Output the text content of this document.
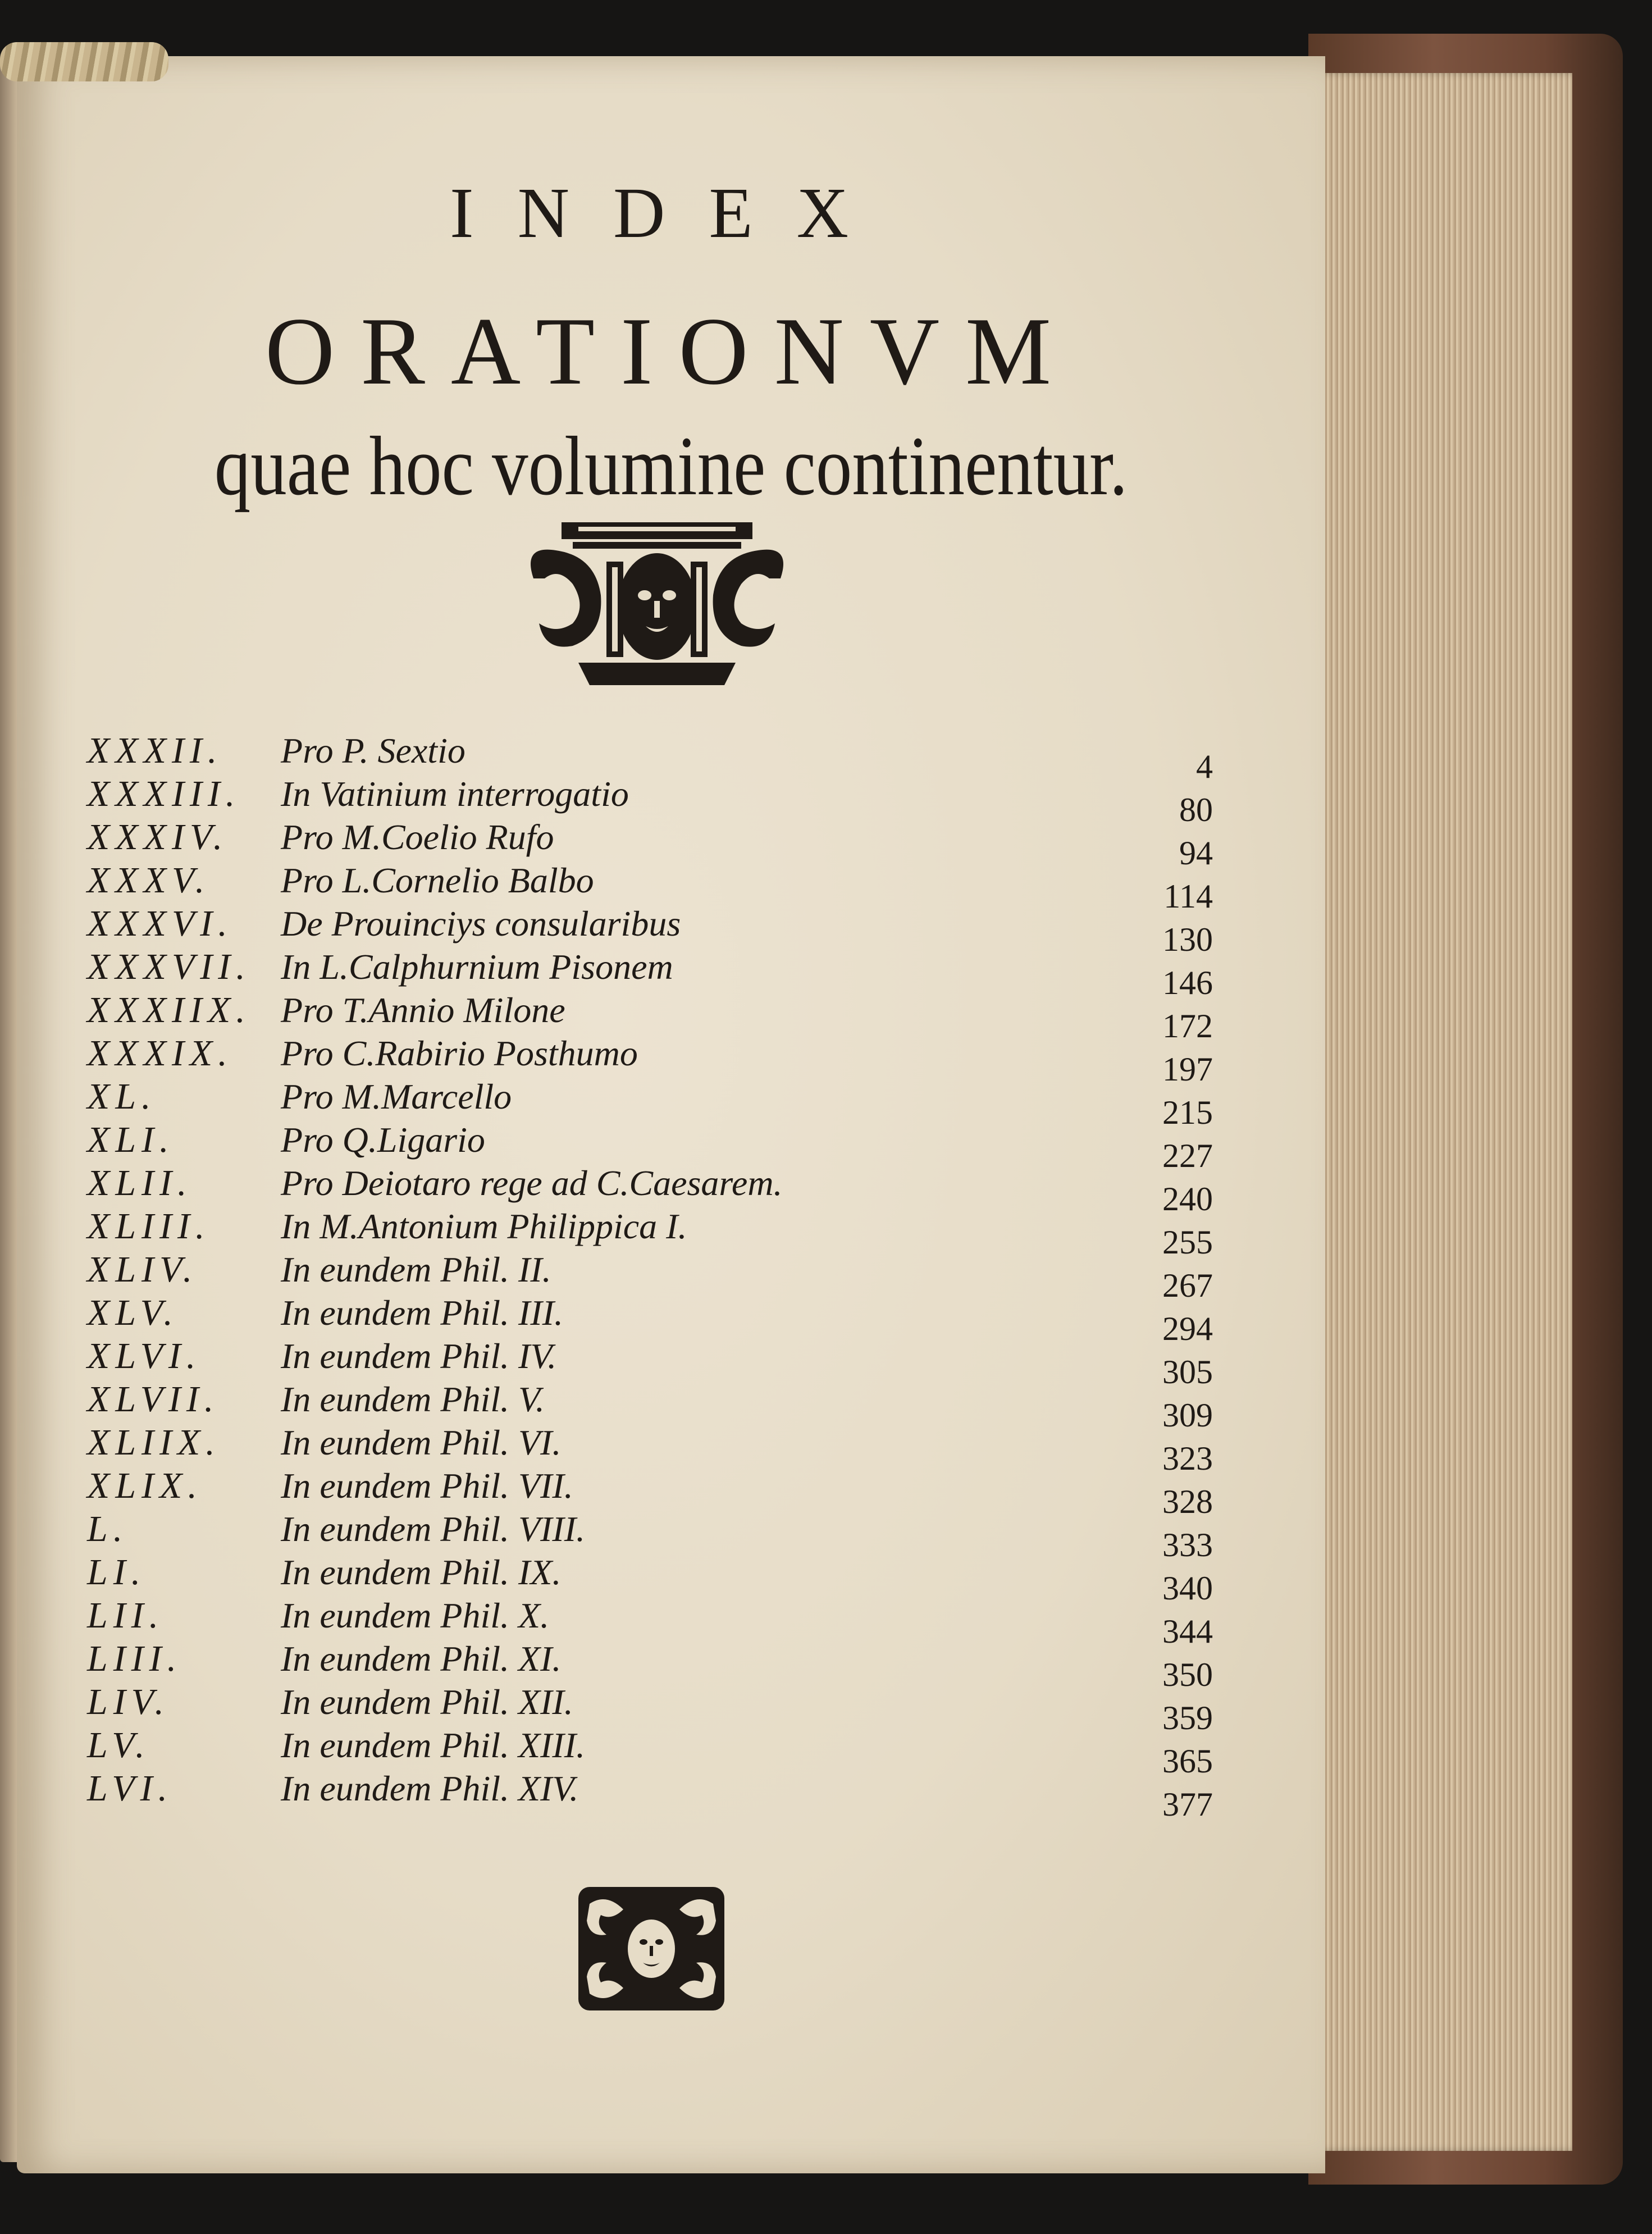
INDEX
ORATIONVM
quae hoc volumine continentur.
XXXII. Pro P. Sextio	4
XXXIII. In Vatinium interrogatio	80
XXXIV. Pro M.Coelio Rufo	94
XXXV. Pro L.Cornelio Balbo	114
XXXVI. De Prouinciys consularibus	130
XXXVII. In L.Calphurnium Pisonem	146
XXXIIX. Pro T.Annio Milone	172
XXXIX. Pro C.Rabirio Posthumo	197
XL.	Pro M.Marcello	215
XLI.	Pro Q.Ligario	227
XLII. Pro Deiotaro rege ad C.Caesarem.	240
XLIII. In M.Antonium Philippica I.	255
XLIV. In eundem Phil. II.	267
XLV.	In eundem Phil. III.	294
XLVI. In eundem Phil. IV.	305
XLVII. In eundem Phil. V.	309
XLIIX. In eundem Phil. VI.	323
XLIX. In eundem Phil. VII.	328
L.	In eundem Phil. VIII.	333
LI.	In eundem Phil. IX.	340
LII.	In eundem Phil. X.	344
LIII.	In eundem Phil. XI.	350
LIV.	In eundem Phil. XII.	359
LV.	In eundem Phil. XIII.	365
LVI.	In eundem Phil. XIV.	377
